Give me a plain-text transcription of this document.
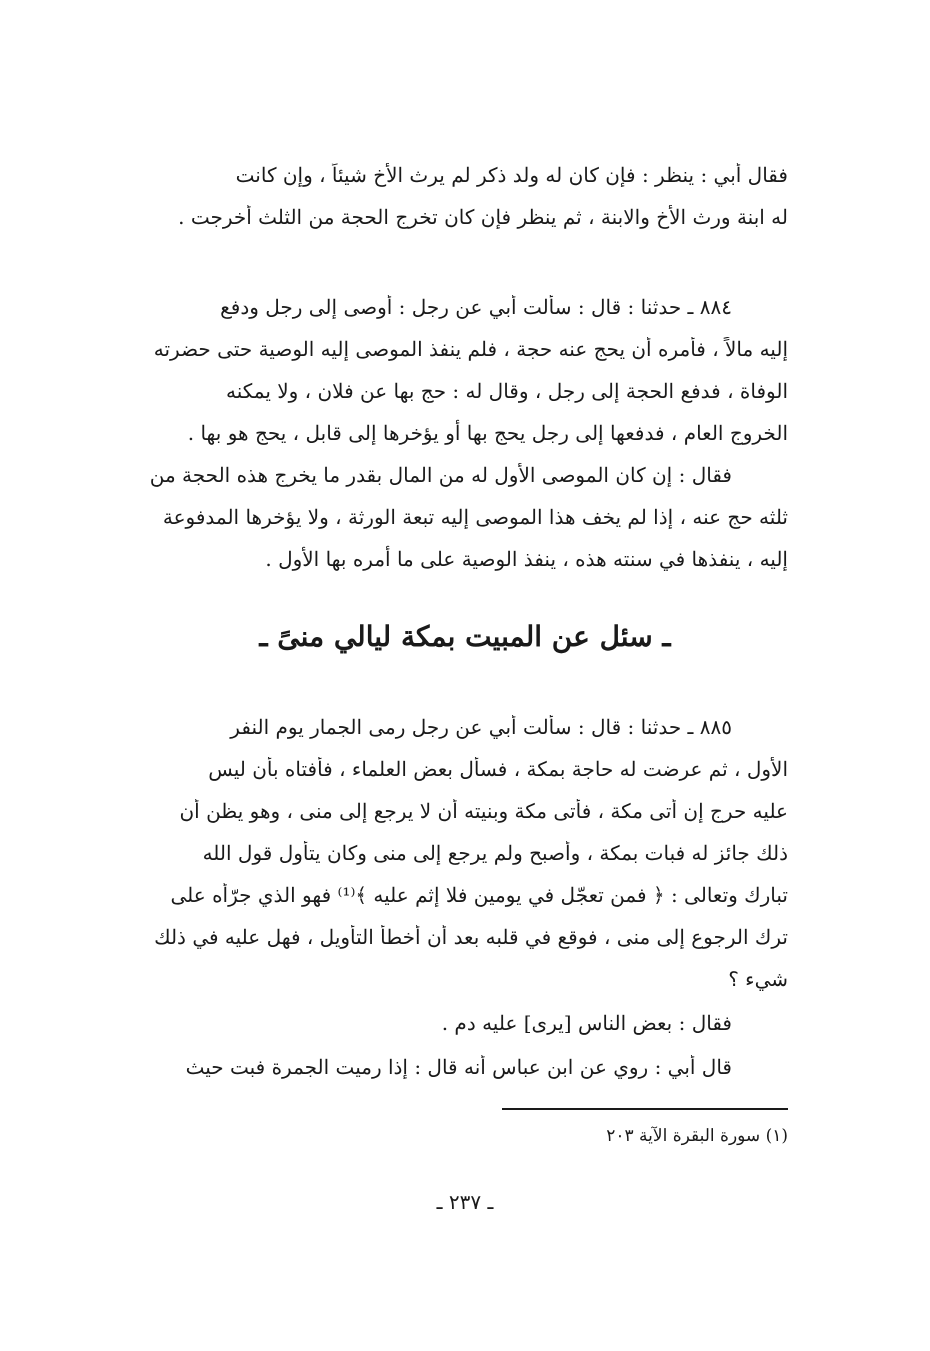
فقال أبي : ينظر : فإن كان له ولد ذكر لم يرث الأخ شيئاً ، وإن كانت
له ابنة ورث الأخ والابنة ، ثم ينظر فإن كان تخرج الحجة من الثلث أخرجت .
٨٨٤ ـ حدثنا : قال : سألت أبي عن رجل : أوصى إلى رجل ودفع
إليه مالاً ، فأمره أن يحج عنه حجة ، فلم ينفذ الموصى إليه الوصية حتى حضرته
الوفاة ، فدفع الحجة إلى رجل ، وقال له : حج بها عن فلان ، ولا يمكنه
الخروج العام ، فدفعها إلى رجل يحج بها أو يؤخرها إلى قابل ، يحج هو بها .
فقال : إن كان الموصى الأول له من المال بقدر ما يخرج هذه الحجة من
ثلثه حج عنه ، إذا لم يخف هذا الموصى إليه تبعة الورثة ، ولا يؤخرها المدفوعة
إليه ، ينفذها في سنته هذه ، ينفذ الوصية على ما أمره بها الأول .
ـ سئل عن المبيت بمكة ليالي منىً ـ
٨٨٥ ـ حدثنا : قال : سألت أبي عن رجل رمى الجمار يوم النفر
الأول ، ثم عرضت له حاجة بمكة ، فسأل بعض العلماء ، فأفتاه بأن ليس
عليه حرج إن أتى مكة ، فأتى مكة وبنيته أن لا يرجع إلى منى ، وهو يظن أن
ذلك جائز له فبات بمكة ، وأصبح ولم يرجع إلى منى وكان يتأول قول الله
تبارك وتعالى : ﴿ فمن تعجّل في يومين فلا إثم عليه ﴾⁽¹⁾ فهو الذي جرّأه على
ترك الرجوع إلى منى ، فوقع في قلبه بعد أن أخطأ التأويل ، فهل عليه في ذلك
شيء ؟
فقال : بعض الناس [يرى] عليه دم .
قال أبي : روي عن ابن عباس أنه قال : إذا رميت الجمرة فبت حيث
(١) سورة البقرة الآية ٢٠٣
ـ ٢٣٧ ـ
